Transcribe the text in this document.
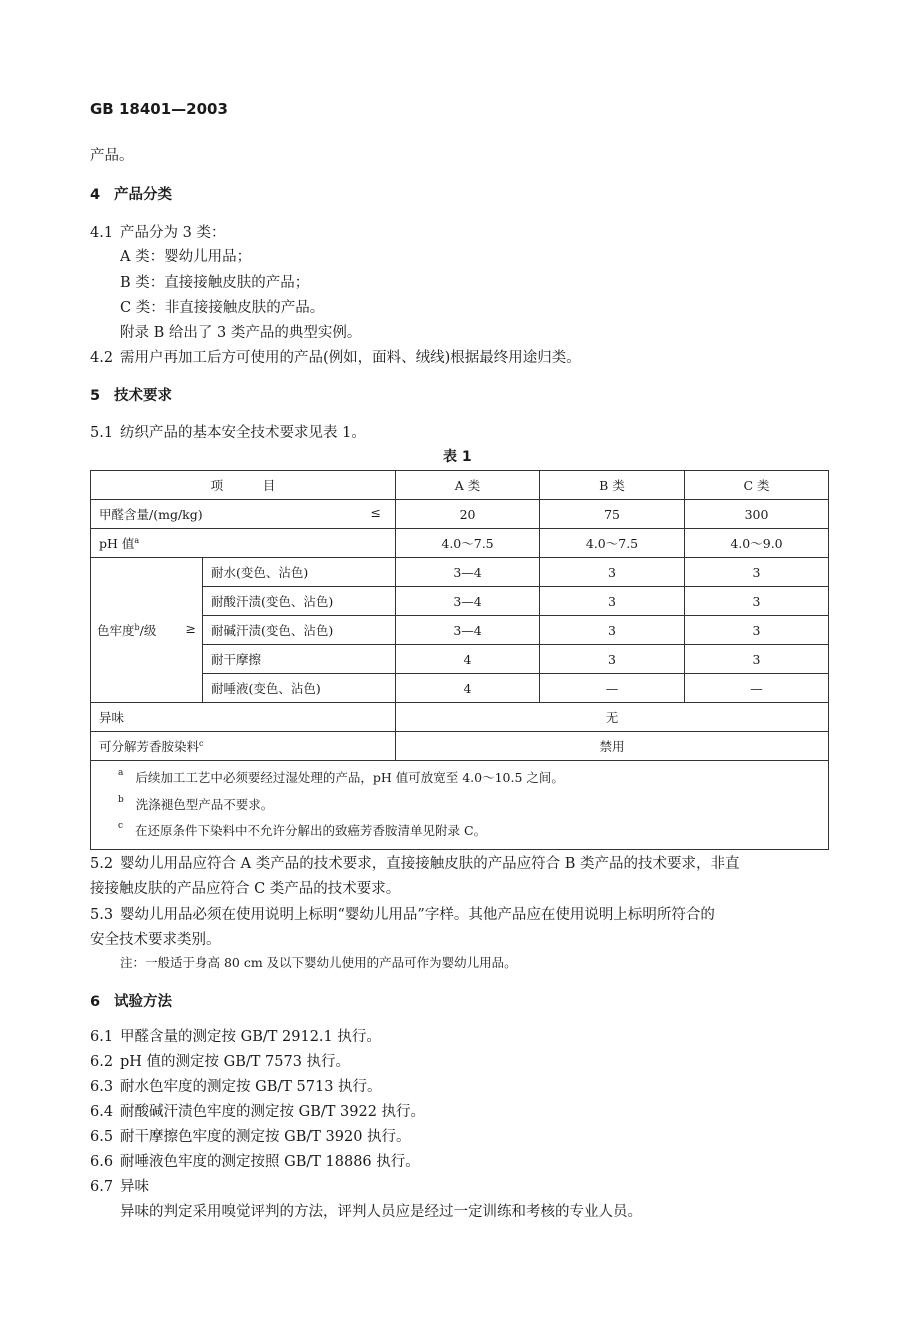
GB 18401—2003
产品。
4 产品分类
4.1 产品分为 3 类：
A 类：婴幼儿用品；
B 类：直接接触皮肤的产品；
C 类：非直接接触皮肤的产品。
附录 B 给出了 3 类产品的典型实例。
4.2 需用户再加工后方可使用的产品(例如，面料、绒线)根据最终用途归类。
5 技术要求
5.1 纺织产品的基本安全技术要求见表 1。
表 1
项          目		A 类	B 类	C 类
甲醛含量/(mg/kg) ≤		20	75	300
pH 值$^a$		4.0～7.5	4.0～7.5	4.0～9.0
色牢度$^b$/级 ≥	耐水(变色、沾色)	3—4	3	3
	耐酸汗渍(变色、沾色)	3—4	3	3
	耐碱汗渍(变色、沾色)	3—4	3	3
	耐干摩擦	4	3	3
	耐唾液(变色、沾色)	4	—	—
异味		无		
可分解芳香胺染料$^c$		禁用		

$^a$ 后续加工工艺中必须要经过湿处理的产品，pH 值可放宽至 4.0～10.5 之间。
$^b$ 洗涤褪色型产品不要求。
$^c$ 在还原条件下染料中不允许分解出的致癌芳香胺清单见附录 C。
5.2 婴幼儿用品应符合 A 类产品的技术要求，直接接触皮肤的产品应符合 B 类产品的技术要求，非直
接接触皮肤的产品应符合 C 类产品的技术要求。
5.3 婴幼儿用品必须在使用说明上标明“婴幼儿用品”字样。其他产品应在使用说明上标明所符合的
安全技术要求类别。
注：一般适于身高 80 cm 及以下婴幼儿使用的产品可作为婴幼儿用品。
6 试验方法
6.1 甲醛含量的测定按 GB/T 2912.1 执行。
6.2 pH 值的测定按 GB/T 7573 执行。
6.3 耐水色牢度的测定按 GB/T 5713 执行。
6.4 耐酸碱汗渍色牢度的测定按 GB/T 3922 执行。
6.5 耐干摩擦色牢度的测定按 GB/T 3920 执行。
6.6 耐唾液色牢度的测定按照 GB/T 18886 执行。
6.7 异味
异味的判定采用嗅觉评判的方法，评判人员应是经过一定训练和考核的专业人员。
